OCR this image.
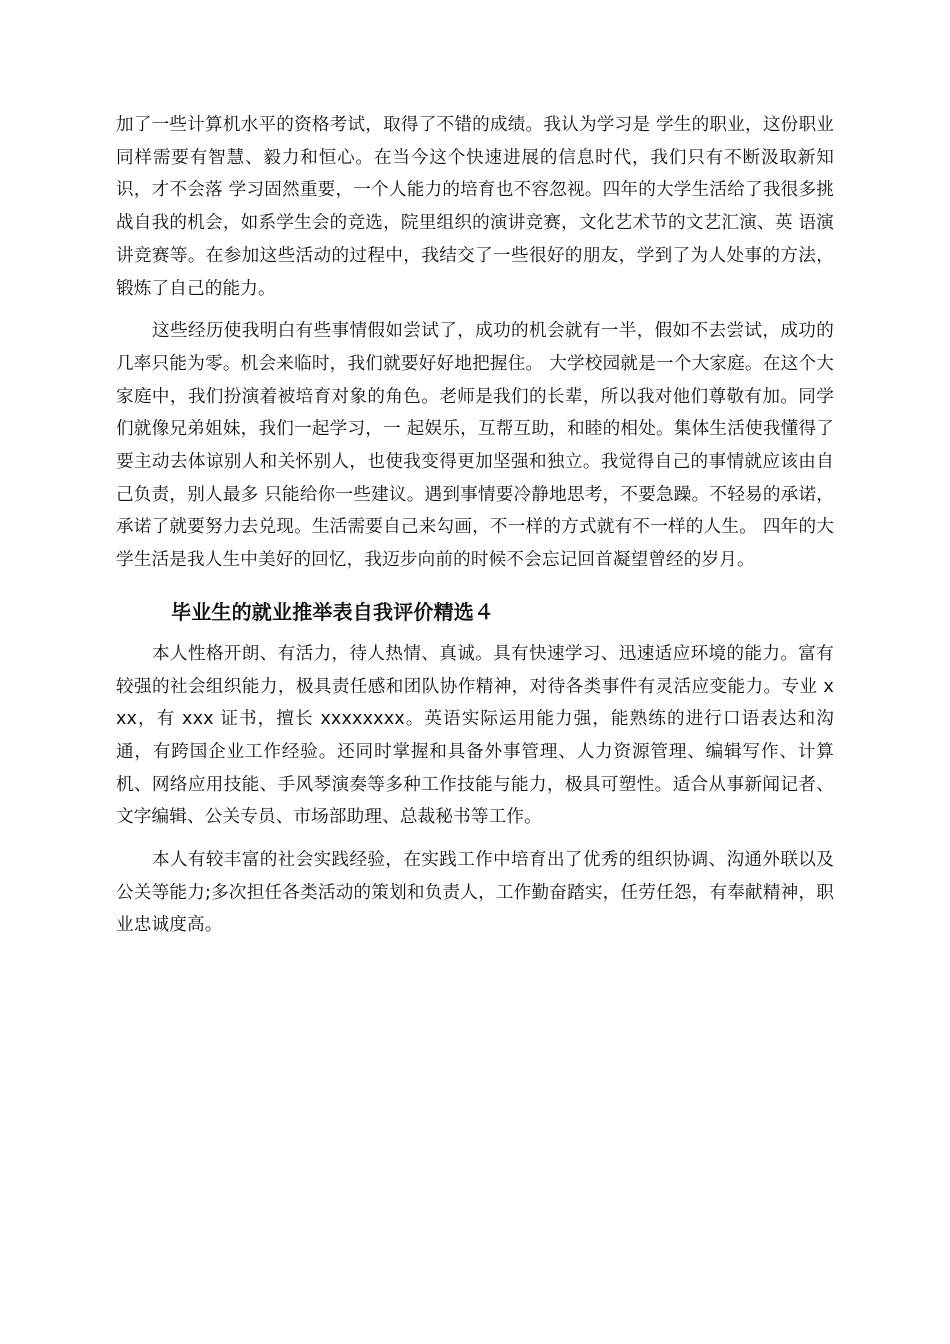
加了一些计算机水平的资格考试，取得了不错的成绩。我认为学习是 学生的职业，这份职业同样需要有智慧、毅力和恒心。在当今这个快速进展的信息时代，我们只有不断汲取新知识，才不会落 学习固然重要，一个人能力的培育也不容忽视。四年的大学生活给了我很多挑战自我的机会，如系学生会的竞选，院里组织的演讲竞赛，文化艺术节的文艺汇演、英 语演讲竞赛等。在参加这些活动的过程中，我结交了一些很好的朋友，学到了为人处事的方法，锻炼了自己的能力。

这些经历使我明白有些事情假如尝试了，成功的机会就有一半，假如不去尝试，成功的几率只能为零。机会来临时，我们就要好好地把握住。 大学校园就是一个大家庭。在这个大家庭中，我们扮演着被培育对象的角色。老师是我们的长辈，所以我对他们尊敬有加。同学们就像兄弟姐妹，我们一起学习，一 起娱乐，互帮互助，和睦的相处。集体生活使我懂得了要主动去体谅别人和关怀别人，也使我变得更加坚强和独立。我觉得自己的事情就应该由自己负责，别人最多 只能给你一些建议。遇到事情要冷静地思考，不要急躁。不轻易的承诺，承诺了就要努力去兑现。生活需要自己来勾画，不一样的方式就有不一样的人生。 四年的大学生活是我人生中美好的回忆，我迈步向前的时候不会忘记回首凝望曾经的岁月。

毕业生的就业推举表自我评价精选４

本人性格开朗、有活力，待人热情、真诚。具有快速学习、迅速适应环境的能力。富有较强的社会组织能力，极具责任感和团队协作精神，对待各类事件有灵活应变能力。专业 xxx，有 xxx 证书，擅长 xxxxxxxx。英语实际运用能力强，能熟练的进行口语表达和沟通，有跨国企业工作经验。还同时掌握和具备外事管理、人力资源管理、编辑写作、计算机、网络应用技能、手风琴演奏等多种工作技能与能力，极具可塑性。适合从事新闻记者、文字编辑、公关专员、市场部助理、总裁秘书等工作。

本人有较丰富的社会实践经验，在实践工作中培育出了优秀的组织协调、沟通外联以及公关等能力;多次担任各类活动的策划和负责人，工作勤奋踏实，任劳任怨，有奉献精神，职业忠诚度高。
